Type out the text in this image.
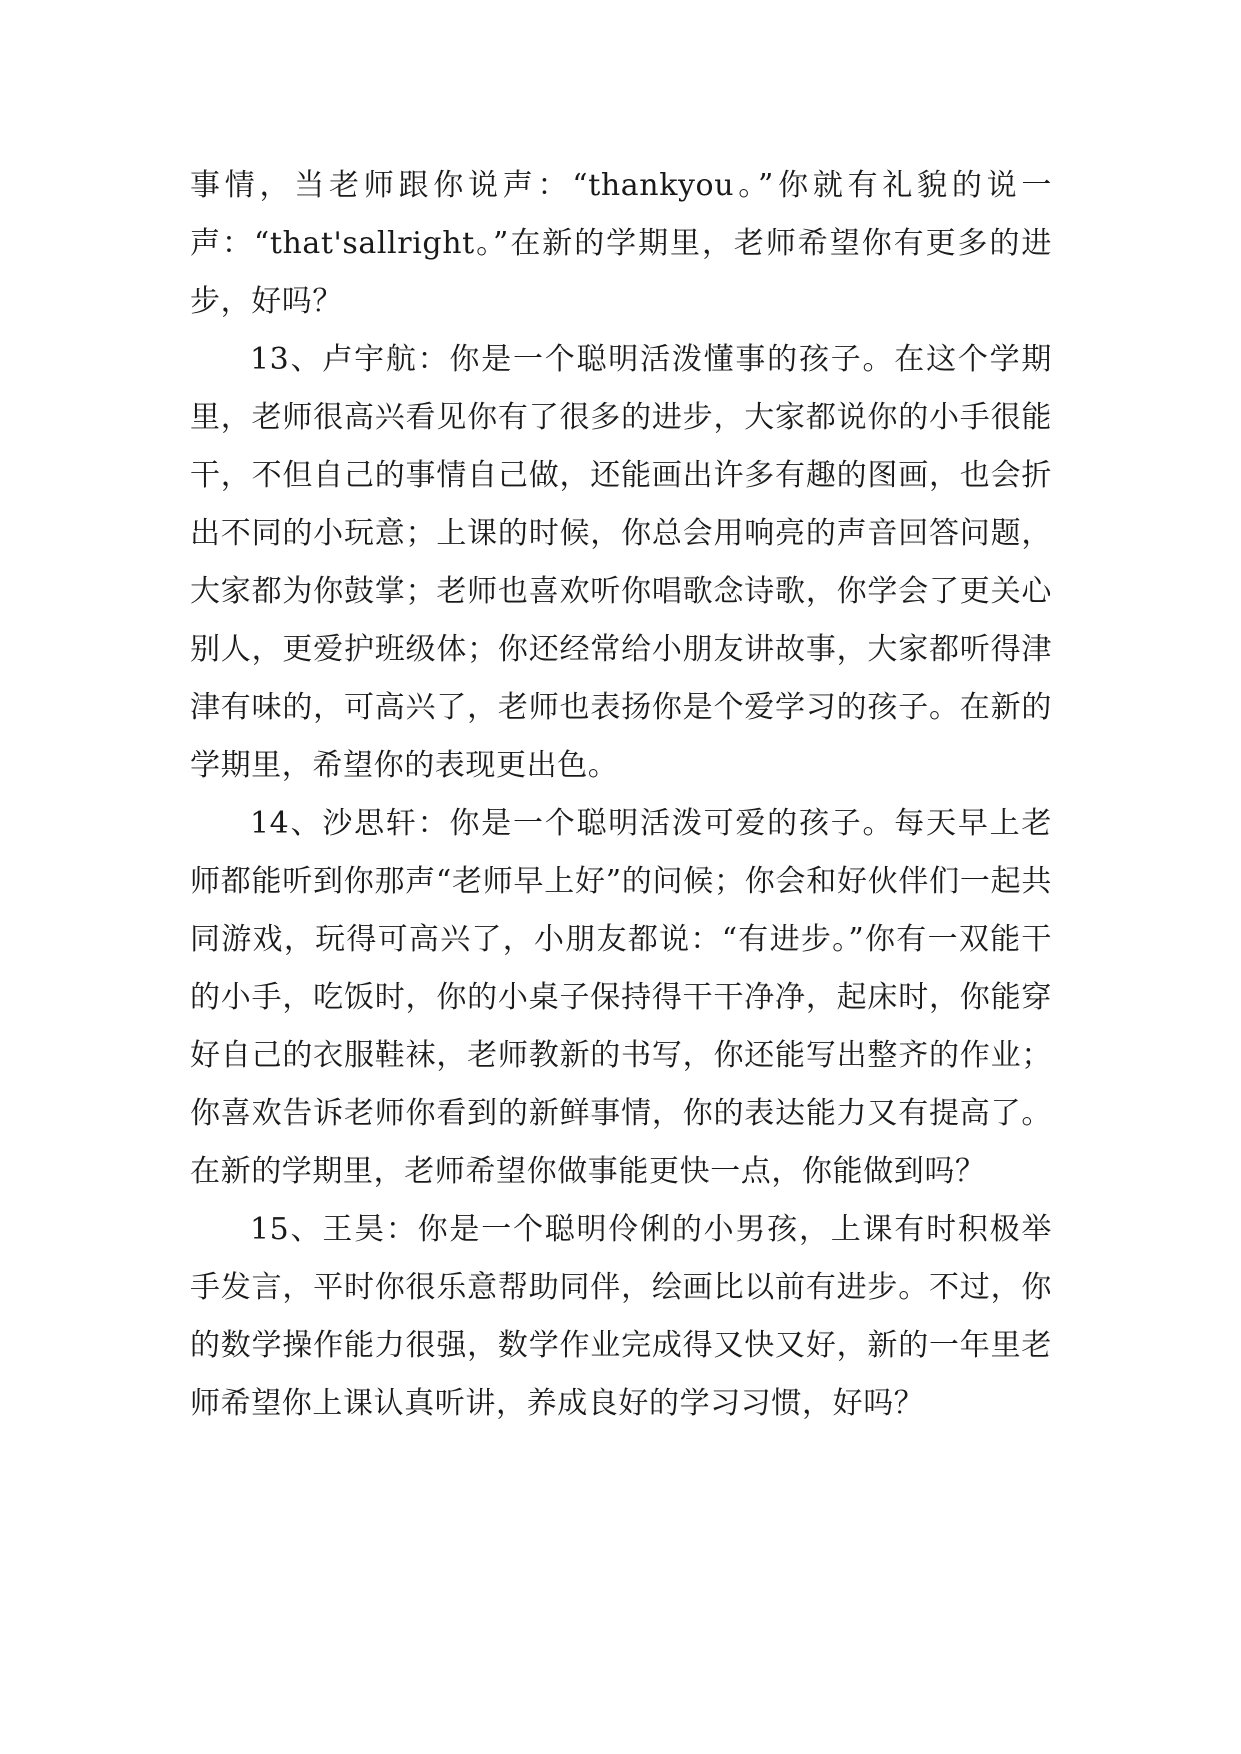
事情，当老师跟你说声：“thankyou。”你就有礼貌的说一声：“that'sallright。”在新的学期里，老师希望你有更多的进步，好吗？

13、卢宇航：你是一个聪明活泼懂事的孩子。在这个学期里，老师很高兴看见你有了很多的进步，大家都说你的小手很能干，不但自己的事情自己做，还能画出许多有趣的图画，也会折出不同的小玩意；上课的时候，你总会用响亮的声音回答问题，大家都为你鼓掌；老师也喜欢听你唱歌念诗歌，你学会了更关心别人，更爱护班级体；你还经常给小朋友讲故事，大家都听得津津有味的，可高兴了，老师也表扬你是个爱学习的孩子。在新的学期里，希望你的表现更出色。

14、沙思轩：你是一个聪明活泼可爱的孩子。每天早上老师都能听到你那声“老师早上好”的问候；你会和好伙伴们一起共同游戏，玩得可高兴了，小朋友都说：“有进步。”你有一双能干的小手，吃饭时，你的小桌子保持得干干净净，起床时，你能穿好自己的衣服鞋袜，老师教新的书写，你还能写出整齐的作业；你喜欢告诉老师你看到的新鲜事情，你的表达能力又有提高了。在新的学期里，老师希望你做事能更快一点，你能做到吗？

15、王昊：你是一个聪明伶俐的小男孩，上课有时积极举手发言，平时你很乐意帮助同伴，绘画比以前有进步。不过，你的数学操作能力很强，数学作业完成得又快又好，新的一年里老师希望你上课认真听讲，养成良好的学习习惯，好吗？
